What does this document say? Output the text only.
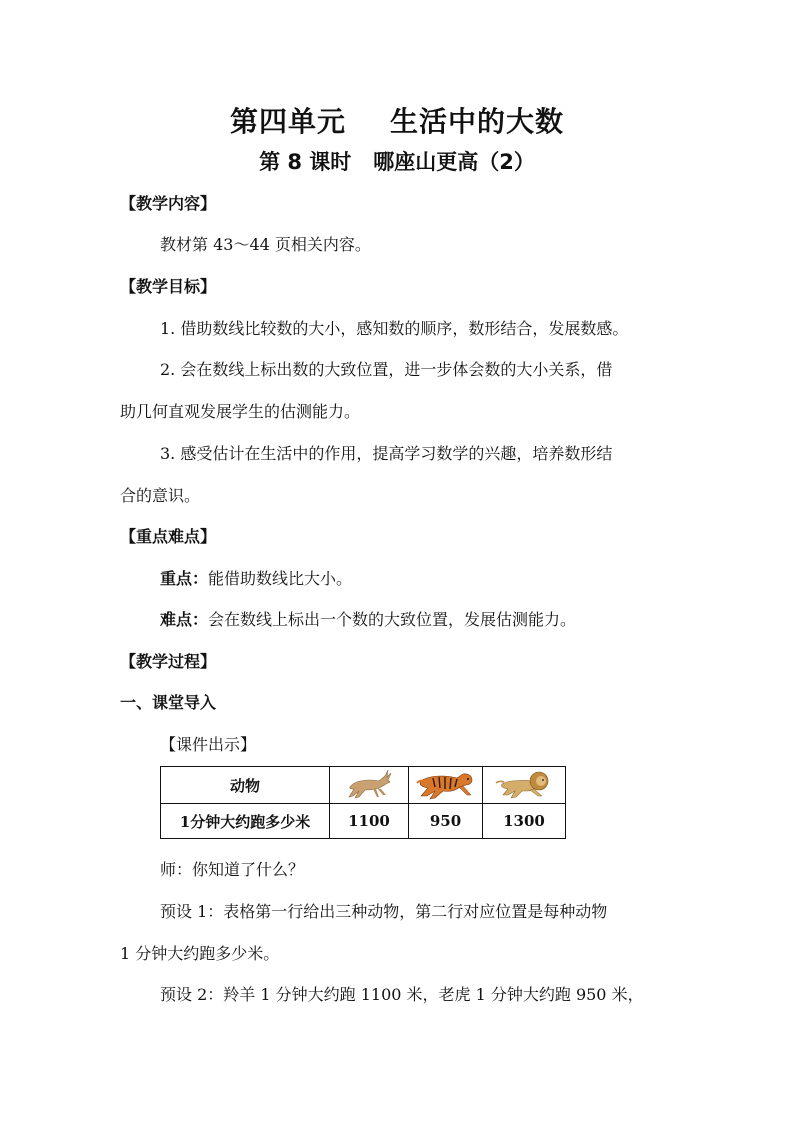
第四单元 生活中的大数
第 8 课时 哪座山更高（2）
【教学内容】
教材第 43～44 页相关内容。
【教学目标】
1. 借助数线比较数的大小，感知数的顺序，数形结合，发展数感。
2. 会在数线上标出数的大致位置，进一步体会数的大小关系，借
助几何直观发展学生的估测能力。
3. 感受估计在生活中的作用，提高学习数学的兴趣，培养数形结
合的意识。
【重点难点】
重点：能借助数线比大小。
难点：会在数线上标出一个数的大致位置，发展估测能力。
【教学过程】
一、课堂导入
【课件出示】
动物	

1分钟大约跑多少米	1100	950	1300
师：你知道了什么？
预设 1：表格第一行给出三种动物，第二行对应位置是每种动物
1 分钟大约跑多少米。
预设 2：羚羊 1 分钟大约跑 1100 米，老虎 1 分钟大约跑 950 米，
